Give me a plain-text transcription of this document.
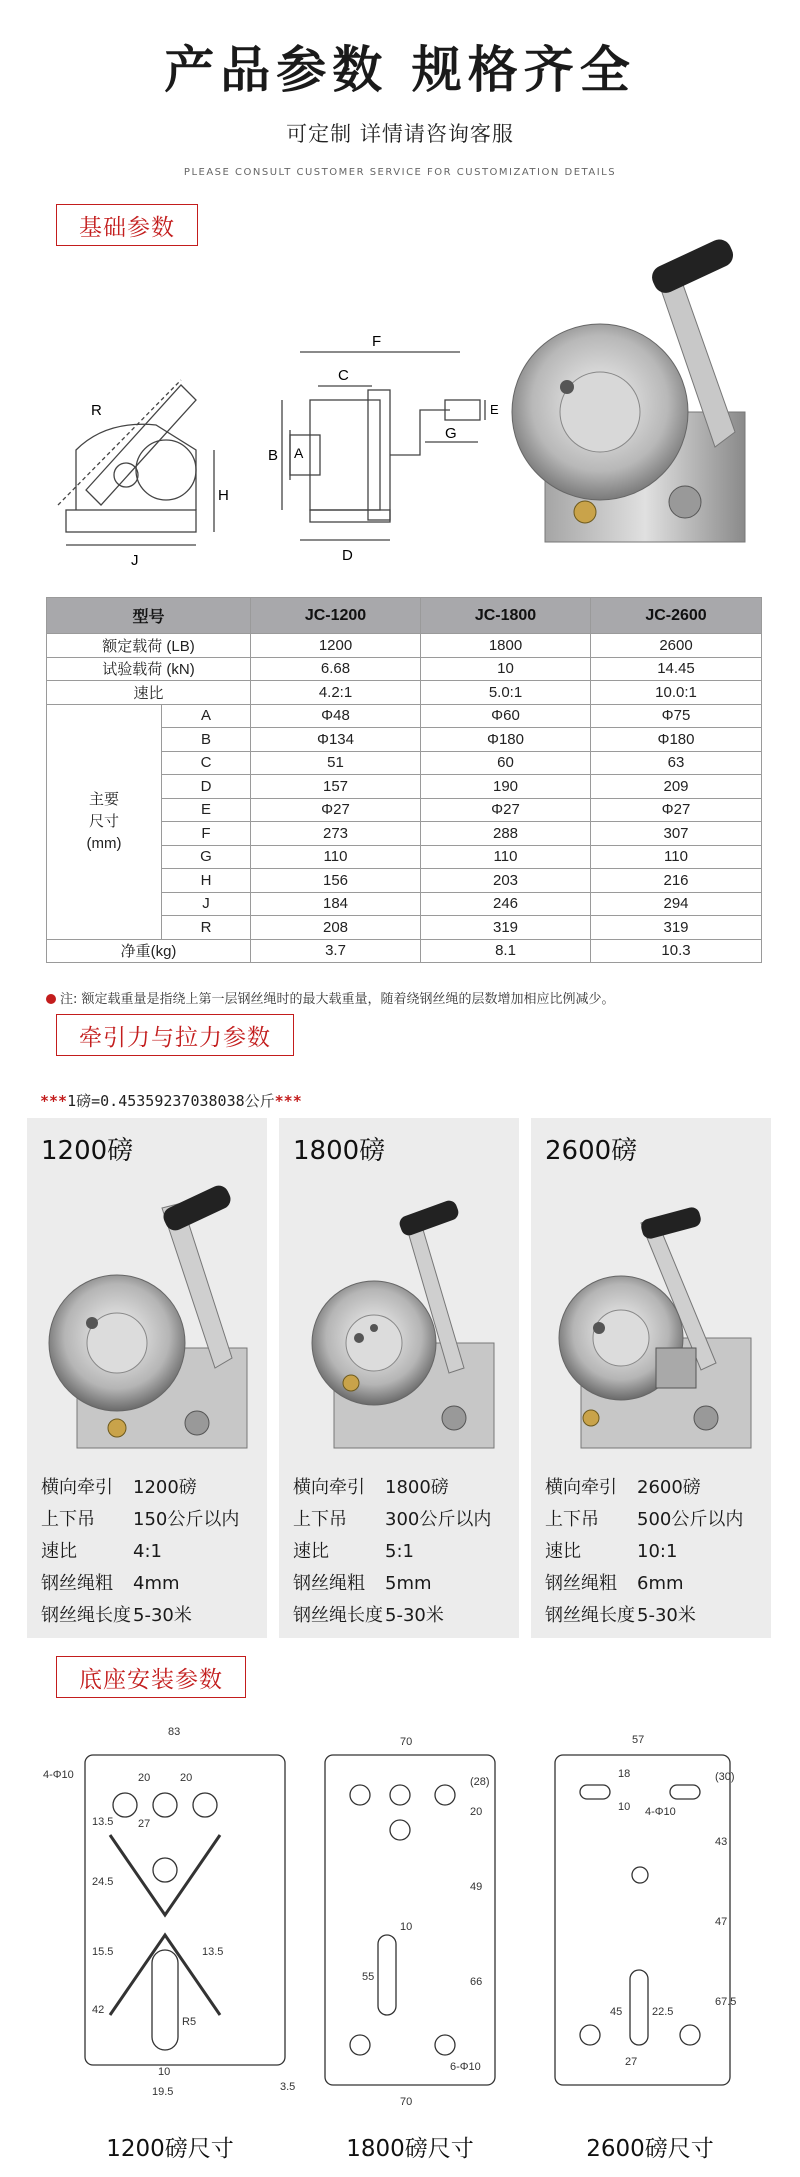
产品参数 规格齐全
可定制 详情请咨询客服
PLEASE CONSULT CUSTOMER SERVICE FOR CUSTOMIZATION DETAILS
基础参数
R
H
J
F
C
B A
G
E
D
型号		JC-1200	JC-1800	JC-2600
额定载荷 (LB)		1200	1800	2600
试验载荷 (kN)		6.68	10	14.45
速比		4.2:1	5.0:1	10.0:1

主要
尺寸
(mm)	A	Φ48	Φ60	Φ75
	B	Φ134	Φ180	Φ180
	C	51	60	63
	D	157	190	209
	E	Φ27	Φ27	Φ27
	F	273	288	307
	G	110	110	110
	H	156	203	216
	J	184	246	294
	R	208	319	319
净重(kg)		3.7	8.1	10.3
注: 额定载重量是指绕上第一层钢丝绳时的最大载重量，随着绕钢丝绳的层数增加相应比例减少。
牵引力与拉力参数
***1磅=0.45359237038038公斤***
1200磅
横向牵引 1200磅
上下吊 150公斤以内
速比	4:1
钢丝绳粗 4mm
钢丝绳长度 5-30米
1800磅
横向牵引 1800磅
上下吊 300公斤以内
速比	5:1
钢丝绳粗 5mm
钢丝绳长度 5-30米
2600磅
横向牵引 2600磅
上下吊 500公斤以内
速比	10:1
钢丝绳粗 6mm
钢丝绳长度 5-30米
底座安装参数
83
4-Φ10	20	20
13.5 27
24.5
15.5	13.5
42
R5
10
19.5	3.5
70
20
(28)
49
66
10
55
6-Φ10
70
57
(30)
18
10 4-Φ10
43
47
67.5
45	22.5
27
1200磅尺寸	1800磅尺寸	2600磅尺寸
